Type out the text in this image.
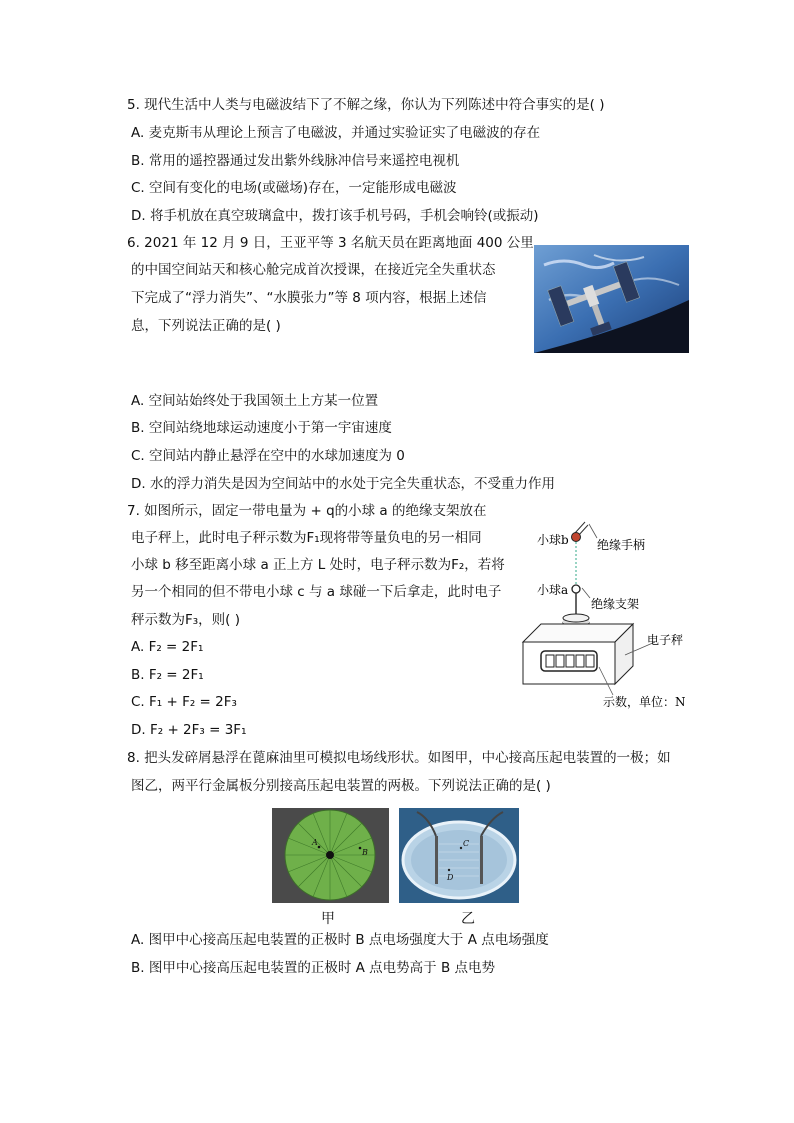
5. 现代生活中人类与电磁波结下了不解之缘，你认为下列陈述中符合事实的是( )
A. 麦克斯韦从理论上预言了电磁波，并通过实验证实了电磁波的存在
B. 常用的遥控器通过发出紫外线脉冲信号来遥控电视机
C. 空间有变化的电场(或磁场)存在，一定能形成电磁波
D. 将手机放在真空玻璃盒中，拨打该手机号码，手机会响铃(或振动)
6. 2021 年 12 月 9 日，王亚平等 3 名航天员在距离地面 400 公里
的中国空间站天和核心舱完成首次授课，在接近完全失重状态
下完成了“浮力消失”、“水膜张力”等 8 项内容，根据上述信
息，下列说法正确的是( )
A. 空间站始终处于我国领土上方某一位置
B. 空间站绕地球运动速度小于第一宇宙速度
C. 空间站内静止悬浮在空中的水球加速度为 0
D. 水的浮力消失是因为空间站中的水处于完全失重状态，不受重力作用
7. 如图所示，固定一带电量为 + q的小球 a 的绝缘支架放在
电子秤上，此时电子秤示数为F₁现将带等量负电的另一相同
小球 b 移至距离小球 a 正上方 L 处时，电子秤示数为F₂，若将
另一个相同的但不带电小球 c 与 a 球碰一下后拿走，此时电子
秤示数为F₃，则( )
A. F₂ = 2F₁
B. F₂ = 2F₁
C. F₁ + F₂ = 2F₃
D. F₂ + 2F₃ = 3F₁
小球b 绝缘手柄
小球a
绝缘支架
电子秤
示数，单位：N
8. 把头发碎屑悬浮在蓖麻油里可模拟电场线形状。如图甲，中心接高压起电装置的一极；如
图乙，两平行金属板分别接高压起电装置的两极。下列说法正确的是( )
A
B
C
D
甲	乙
A. 图甲中心接高压起电装置的正极时 B 点电场强度大于 A 点电场强度
B. 图甲中心接高压起电装置的正极时 A 点电势高于 B 点电势
